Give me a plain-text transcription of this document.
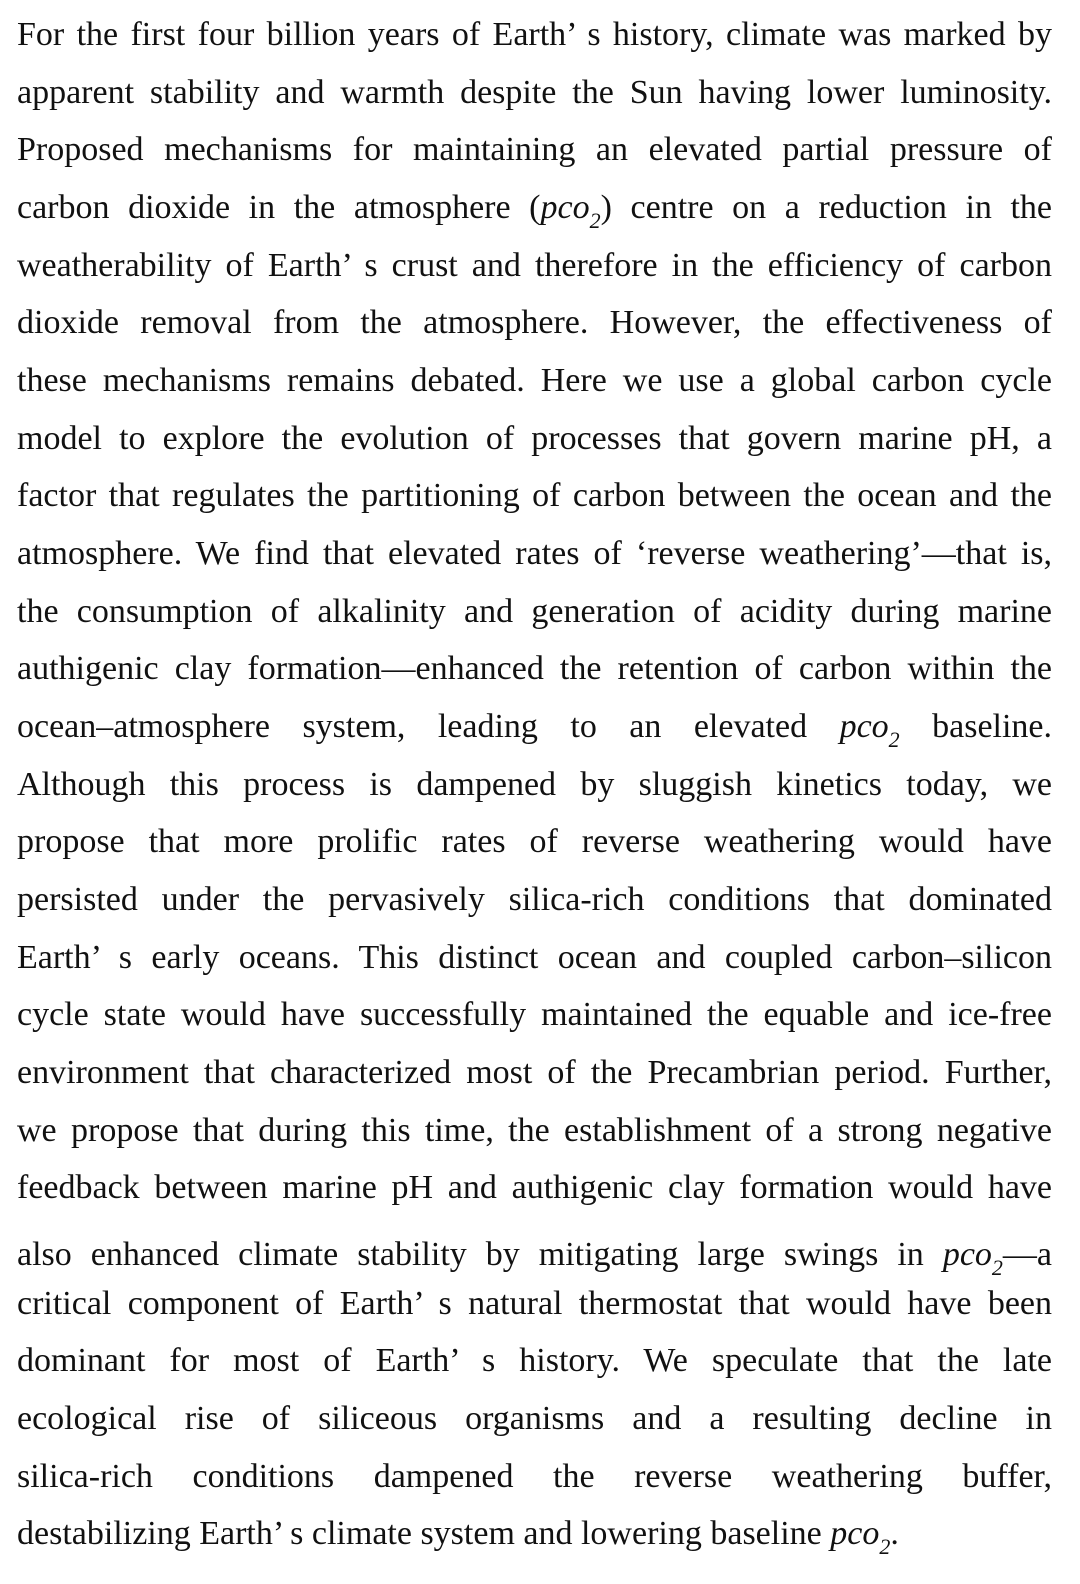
For the first four billion years of Earth’ s history, climate was marked by
apparent stability and warmth despite the Sun having lower luminosity.
Proposed mechanisms for maintaining an elevated partial pressure of
carbon dioxide in the atmosphere (pco$_2$) centre on a reduction in the
weatherability of Earth’ s crust and therefore in the efficiency of carbon
dioxide removal from the atmosphere. However, the effectiveness of
these mechanisms remains debated. Here we use a global carbon cycle
model to explore the evolution of processes that govern marine pH, a
factor that regulates the partitioning of carbon between the ocean and the
atmosphere. We find that elevated rates of ‘reverse weathering’—that is,
the consumption of alkalinity and generation of acidity during marine
authigenic clay formation—enhanced the retention of carbon within the
ocean–atmosphere system, leading to an elevated pco$_2$ baseline.
Although this process is dampened by sluggish kinetics today, we
propose that more prolific rates of reverse weathering would have
persisted under the pervasively silica-rich conditions that dominated
Earth’ s early oceans. This distinct ocean and coupled carbon–silicon
cycle state would have successfully maintained the equable and ice-free
environment that characterized most of the Precambrian period. Further,
we propose that during this time, the establishment of a strong negative
feedback between marine pH and authigenic clay formation would have
also enhanced climate stability by mitigating large swings in pco$_2$—a
critical component of Earth’ s natural thermostat that would have been
dominant for most of Earth’ s history. We speculate that the late
ecological rise of siliceous organisms and a resulting decline in
silica-rich conditions dampened the reverse weathering buffer,
destabilizing Earth’ s climate system and lowering baseline pco$_2$.
